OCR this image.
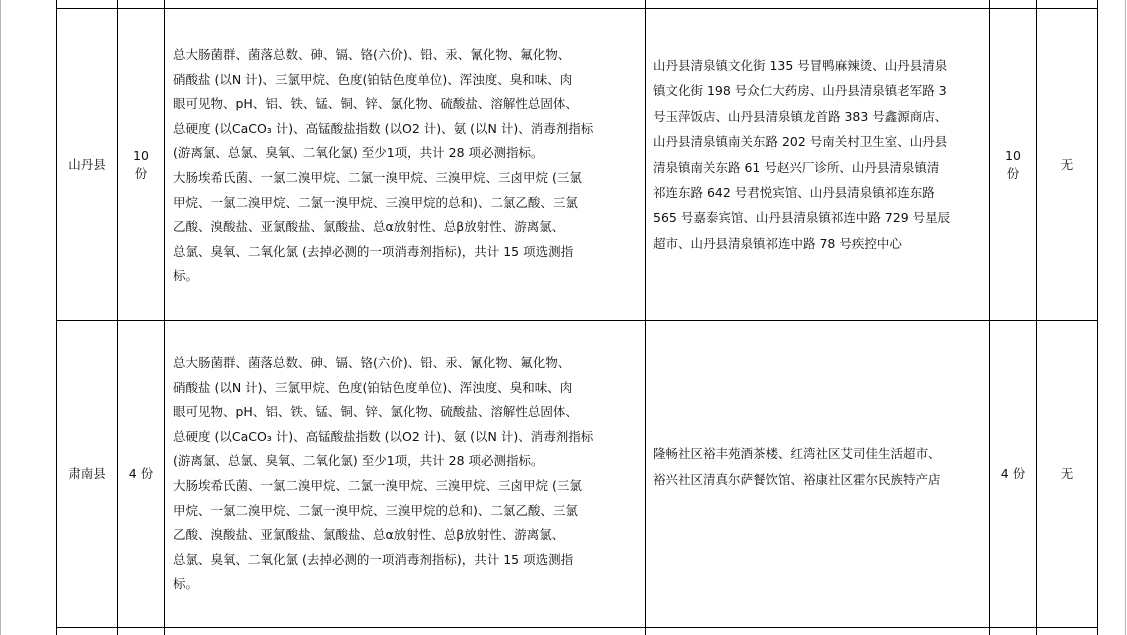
山丹县
10
份
总大肠菌群、菌落总数、砷、镉、铬(六价)、铅、汞、氰化物、氟化物、
硝酸盐 (以N 计)、三氯甲烷、色度(铂钴色度单位)、浑浊度、臭和味、肉
眼可见物、pH、铝、铁、锰、铜、锌、氯化物、硫酸盐、溶解性总固体、
总硬度 (以CaCO₃ 计)、高锰酸盐指数 (以O2 计)、氨 (以N 计)、消毒剂指标
(游离氯、总氯、臭氧、二氧化氯) 至少1项，共计 28 项必测指标。
大肠埃希氏菌、一氯二溴甲烷、二氯一溴甲烷、三溴甲烷、三卤甲烷 (三氯
甲烷、一氯二溴甲烷、二氯一溴甲烷、三溴甲烷的总和)、二氯乙酸、三氯
乙酸、溴酸盐、亚氯酸盐、氯酸盐、总α放射性、总β放射性、游离氯、
总氯、臭氧、二氧化氯 (去掉必测的一项消毒剂指标)，共计 15 项选测指
标。
山丹县清泉镇文化街 135 号冒鸭麻辣烫、山丹县清泉
镇文化街 198 号众仁大药房、山丹县清泉镇老军路 3
号玉萍饭店、山丹县清泉镇龙首路 383 号鑫源商店、
山丹县清泉镇南关东路 202 号南关村卫生室、山丹县
清泉镇南关东路 61 号赵兴厂诊所、山丹县清泉镇清
祁连东路 642 号君悦宾馆、山丹县清泉镇祁连东路
565 号嘉泰宾馆、山丹县清泉镇祁连中路 729 号星辰
超市、山丹县清泉镇祁连中路 78 号疾控中心
10
份
无
肃南县 4 份
总大肠菌群、菌落总数、砷、镉、铬(六价)、铅、汞、氰化物、氟化物、
硝酸盐 (以N 计)、三氯甲烷、色度(铂钴色度单位)、浑浊度、臭和味、肉
眼可见物、pH、铝、铁、锰、铜、锌、氯化物、硫酸盐、溶解性总固体、
总硬度 (以CaCO₃ 计)、高锰酸盐指数 (以O2 计)、氨 (以N 计)、消毒剂指标
(游离氯、总氯、臭氧、二氧化氯) 至少1项，共计 28 项必测指标。
大肠埃希氏菌、一氯二溴甲烷、二氯一溴甲烷、三溴甲烷、三卤甲烷 (三氯
甲烷、一氯二溴甲烷、二氯一溴甲烷、三溴甲烷的总和)、二氯乙酸、三氯
乙酸、溴酸盐、亚氯酸盐、氯酸盐、总α放射性、总β放射性、游离氯、
总氯、臭氧、二氧化氯 (去掉必测的一项消毒剂指标)，共计 15 项选测指
标。
隆畅社区裕丰苑酒茶楼、红湾社区艾司佳生活超市、
裕兴社区清真尔萨餐饮馆、裕康社区霍尔民族特产店	4 份	无
